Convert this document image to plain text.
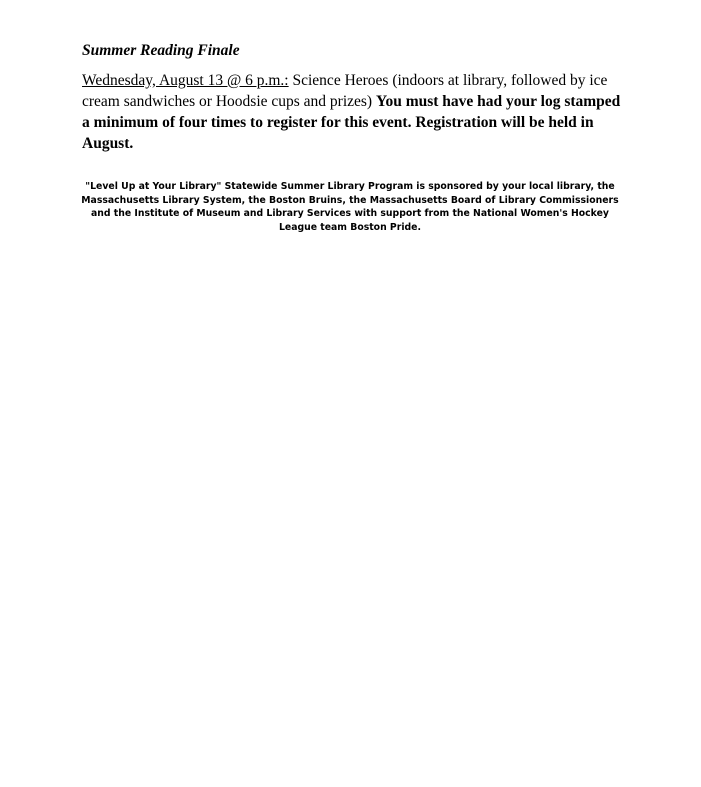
Summer Reading Finale

Wednesday, August 13 @ 6 p.m.: Science Heroes (indoors at library, followed by ice cream sandwiches or Hoodsie cups and prizes) You must have had your log stamped a minimum of four times to register for this event. Registration will be held in August.

"Level Up at Your Library" Statewide Summer Library Program is sponsored by your local library, the Massachusetts Library System, the Boston Bruins, the Massachusetts Board of Library Commissioners and the Institute of Museum and Library Services with support from the National Women's Hockey League team Boston Pride.
